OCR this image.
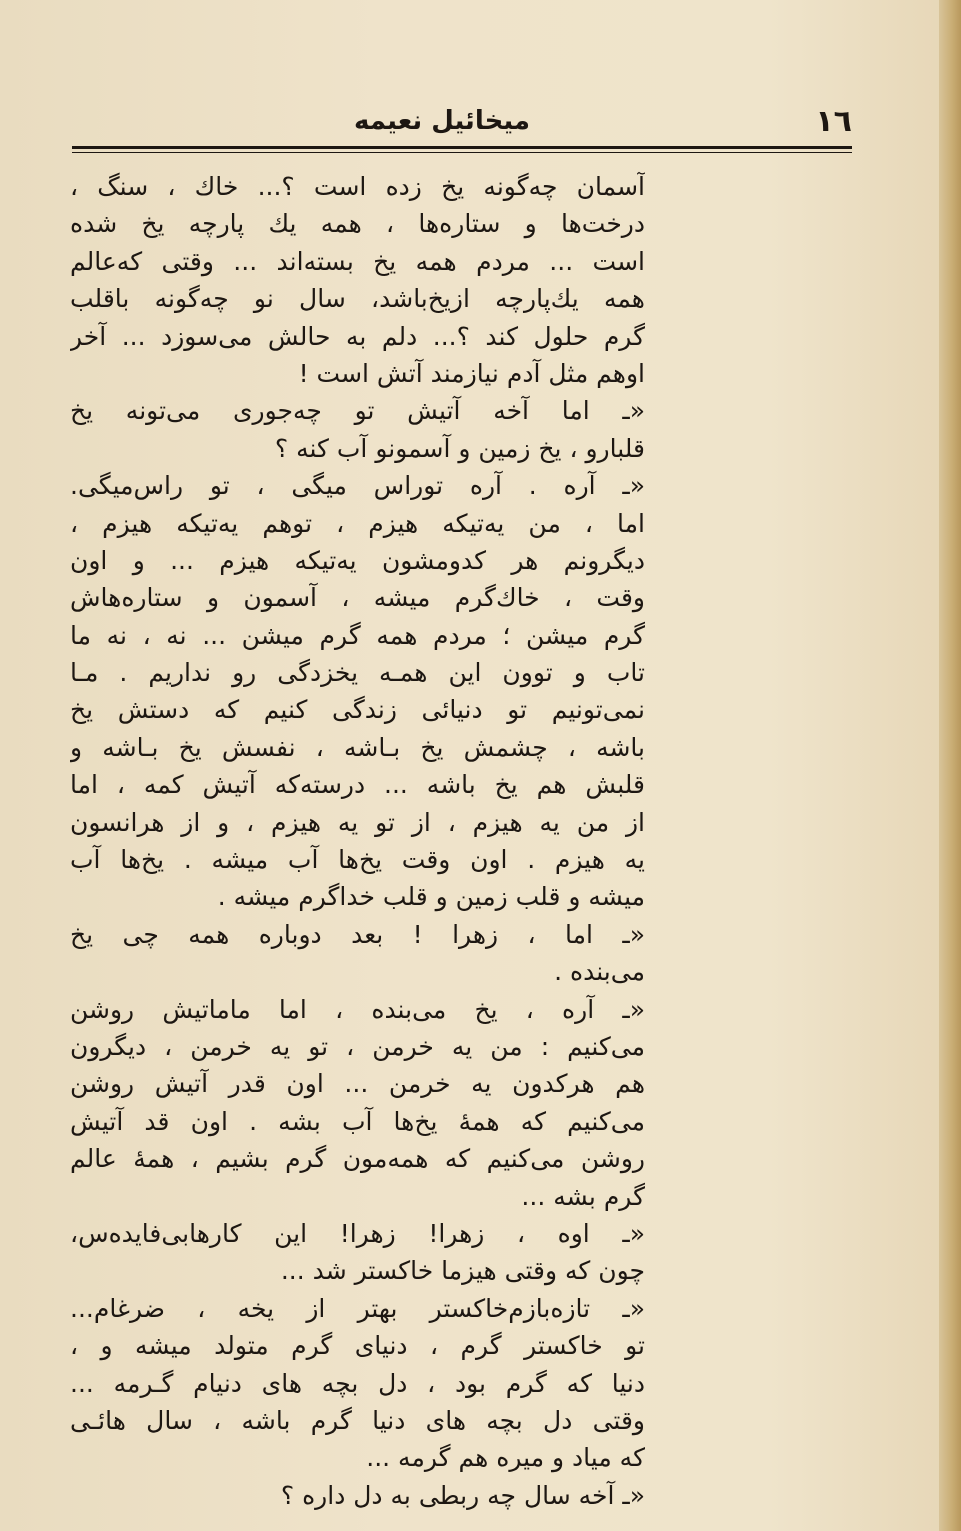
١٦
میخائیل نعیمه
آسمان چه‌گونه یخ زده است ؟... خاك ، سنگ ،
درخت‌ها و ستاره‌ها ، همه يك پارچه یخ شده
است ... مردم همه یخ بسته‌اند ... وقتی که‌عالم
همه يك‌پارچه ازیخ‌باشد، سال نو چه‌گونه باقلب
گرم حلول کند ؟... دلم به حالش می‌سوزد ... آخر
اوهم مثل آدم نیازمند آتش است !
«ـ اما آخه آتیش تو چه‌جوری می‌تونه یخ
قلبارو ، یخ زمین و آسمونو آب کنه ؟
«ـ آره . آره توراس میگی ، تو راس‌میگی.
اما ، من یه‌تیکه هیزم ، توهم یه‌تیکه هیزم ،
دیگرونم هر کدومشون یه‌تیکه هیزم ... و اون
وقت ، خاك‌گرم میشه ، آسمون و ستاره‌هاش
گرم میشن ؛ مردم همه گرم میشن ... نه ، نه ما
تاب و توون این همـه یخزدگی رو نداریم . مـا
نمی‌تونیم تو دنیائی زندگی کنیم که دستش یخ
باشه ، چشمش یخ بـاشه ، نفسش یخ بـاشه و
قلبش هم یخ باشه ... درسته‌که آتیش کمه ، اما
از من یه هیزم ، از تو یه هیزم ، و از هرانسون
یه هیزم . اون وقت یخ‌ها آب میشه . یخ‌ها آب
میشه و قلب زمین و قلب خداگرم میشه .
«ـ اما ، زهرا ! بعد دوباره همه چی یخ
می‌بنده .
«ـ آره ، یخ می‌بنده ، اما ماما‌تیش روشن
می‌کنیم : من یه خرمن ، تو یه خرمن ، دیگرون
هم هرکدون یه خرمن ... اون قدر آتیش روشن
می‌کنیم که همهٔ یخ‌ها آب بشه . اون قد آتیش
روشن می‌کنیم که همه‌مون گرم بشیم ، همهٔ عالم
گرم بشه ...
«ـ اوه ، زهرا! زهرا! این کارهابی‌فایده‌س،
چون که وقتی هیزما خاکستر شد ...
«ـ تازه‌بازم‌خاکستر بهتر از یخه ، ضرغام...
تو خاکستر گرم ، دنیای گرم متولد میشه و ،
دنیا که گرم بود ، دل بچه های دنیام گـرمه ...
وقتی دل بچه های دنیا گرم باشه ، سال هائـی
که میاد و میره هم گرمه ...
«ـ آخه سال چه ربطی به دل داره ؟
